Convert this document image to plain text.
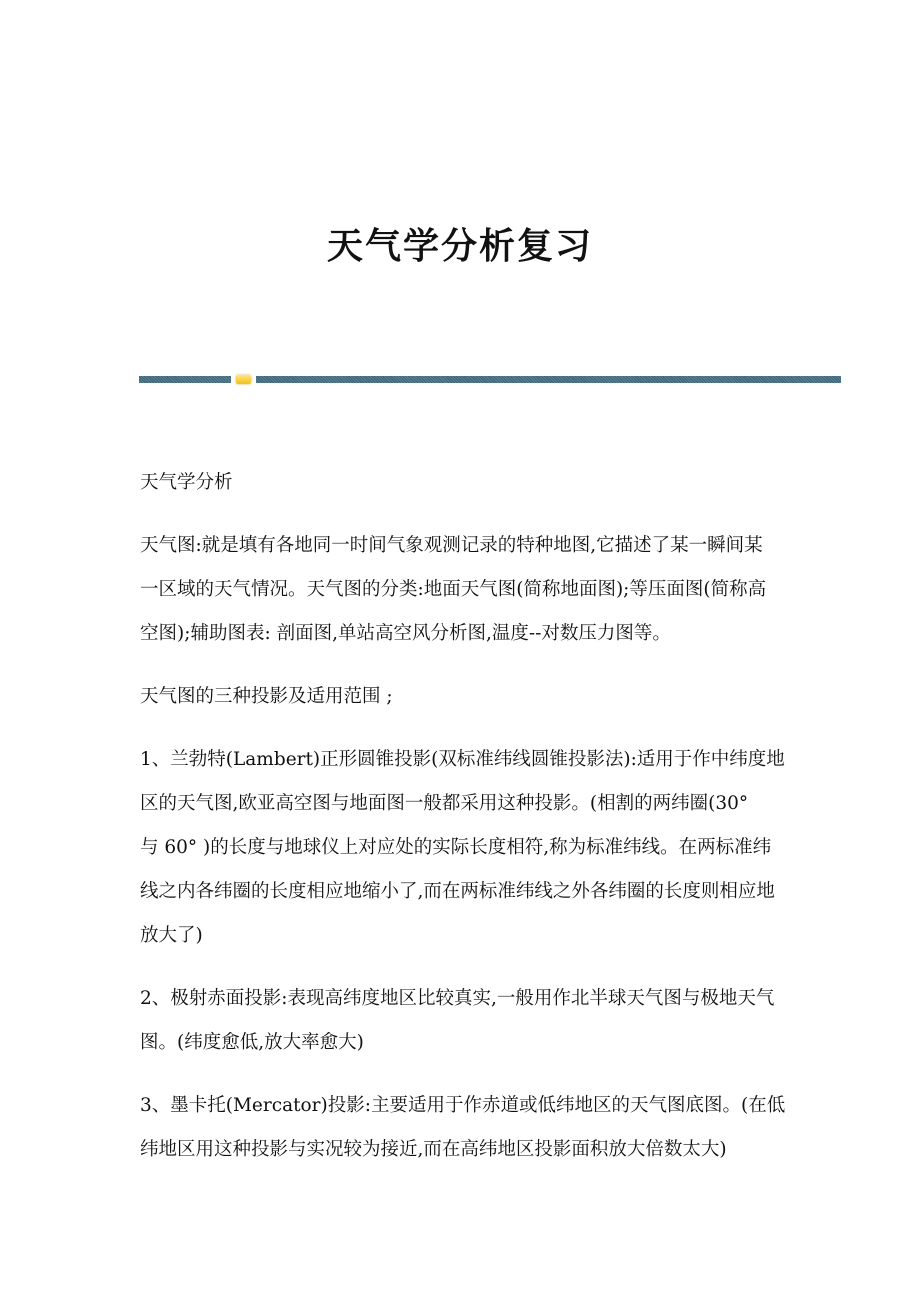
天气学分析复习
天气学分析
天气图:就是填有各地同一时间气象观测记录的特种地图,它描述了某一瞬间某
一区域的天气情况。天气图的分类:地面天气图(简称地面图);等压面图(简称高
空图);辅助图表: 剖面图,单站高空风分析图,温度--对数压力图等。
天气图的三种投影及适用范围 ;
1、兰勃特(Lambert)正形圆锥投影(双标准纬线圆锥投影法):适用于作中纬度地
区的天气图,欧亚高空图与地面图一般都采用这种投影。(相割的两纬圈(30°
与 60° )的长度与地球仪上对应处的实际长度相符,称为标准纬线。在两标准纬
线之内各纬圈的长度相应地缩小了,而在两标准纬线之外各纬圈的长度则相应地
放大了)
2、极射赤面投影:表现高纬度地区比较真实,一般用作北半球天气图与极地天气
图。(纬度愈低,放大率愈大)
3、墨卡托(Mercator)投影:主要适用于作赤道或低纬地区的天气图底图。(在低
纬地区用这种投影与实况较为接近,而在高纬地区投影面积放大倍数太大)
